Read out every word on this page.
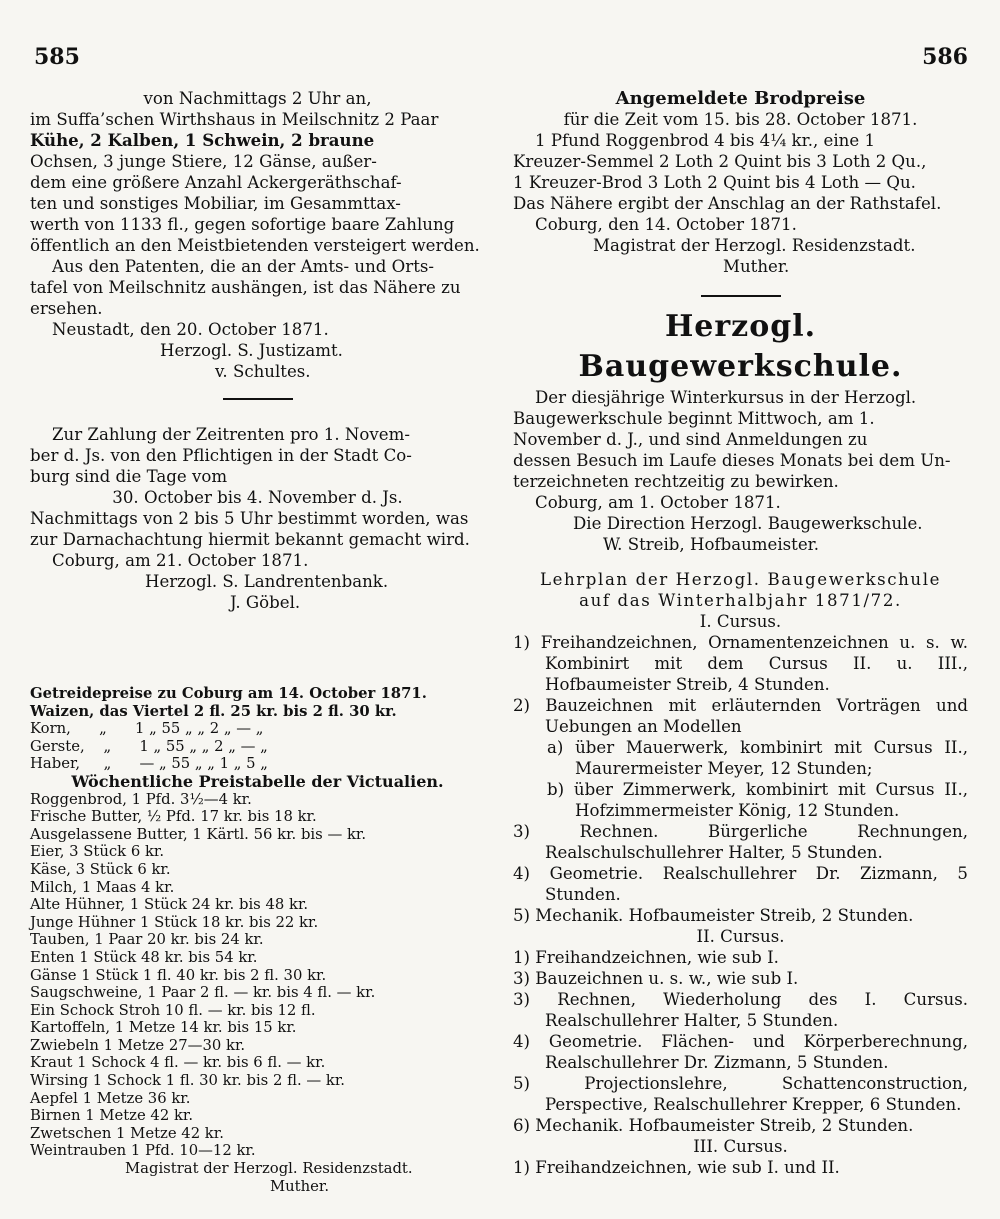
585	586

von Nachmittags 2 Uhr an,

im Suffa’schen Wirthshaus in Meilschnitz 2 Paar

Kühe, 2 Kalben, 1 Schwein, 2 braune

Ochsen, 3 junge Stiere, 12 Gänse, außer-

dem eine größere Anzahl Ackergeräthschaf-

ten und sonstiges Mobiliar, im Gesammttax-

werth von 1133 fl., gegen sofortige baare Zahlung

öffentlich an den Meistbietenden versteigert werden.

Aus den Patenten, die an der Amts- und Orts-

tafel von Meilschnitz aushängen, ist das Nähere zu

ersehen.

Neustadt, den 20. October 1871.

Herzogl. S. Justizamt.

v. Schultes.

Zur Zahlung der Zeitrenten pro 1. Novem-

ber d. Js. von den Pflichtigen in der Stadt Co-

burg sind die Tage vom

30. October bis 4. November d. Js.

Nachmittags von 2 bis 5 Uhr bestimmt worden, was

zur Darnachachtung hiermit bekannt gemacht wird.

Coburg, am 21. October 1871.

Herzogl. S. Landrentenbank.

J. Göbel.

Getreidepreise zu Coburg am 14. October 1871.

Waizen, das Viertel 2 fl. 25 kr. bis 2 fl. 30 kr.

Korn,      „      1 „ 55 „ „ 2 „ — „

Gerste,    „      1 „ 55 „ „ 2 „ — „

Haber,     „      — „ 55 „ „ 1 „ 5 „

Wöchentliche Preistabelle der Victualien.

Roggenbrod, 1 Pfd. 3½—4 kr.

Frische Butter, ½ Pfd. 17 kr. bis 18 kr.

Ausgelassene Butter, 1 Kärtl. 56 kr. bis — kr.

Eier, 3 Stück 6 kr.

Käse, 3 Stück 6 kr.

Milch, 1 Maas 4 kr.

Alte Hühner, 1 Stück 24 kr. bis 48 kr.

Junge Hühner 1 Stück 18 kr. bis 22 kr.

Tauben, 1 Paar 20 kr. bis 24 kr.

Enten 1 Stück 48 kr. bis 54 kr.

Gänse 1 Stück 1 fl. 40 kr. bis 2 fl. 30 kr.

Saugschweine, 1 Paar 2 fl. — kr. bis 4 fl. — kr.

Ein Schock Stroh 10 fl. — kr. bis 12 fl.

Kartoffeln, 1 Metze 14 kr. bis 15 kr.

Zwiebeln 1 Metze 27—30 kr.

Kraut 1 Schock 4 fl. — kr. bis 6 fl. — kr.

Wirsing 1 Schock 1 fl. 30 kr. bis 2 fl. — kr.

Aepfel 1 Metze 36 kr.

Birnen 1 Metze 42 kr.

Zwetschen 1 Metze 42 kr.

Weintrauben 1 Pfd. 10—12 kr.

Magistrat der Herzogl. Residenzstadt.

Muther.

Angemeldete Brodpreise

für die Zeit vom 15. bis 28. October 1871.

1 Pfund Roggenbrod 4 bis 4¼ kr., eine 1

Kreuzer-Semmel 2 Loth 2 Quint bis 3 Loth 2 Qu.,

1 Kreuzer-Brod 3 Loth 2 Quint bis 4 Loth — Qu.

Das Nähere ergibt der Anschlag an der Rathstafel.

Coburg, den 14. October 1871.

Magistrat der Herzogl. Residenzstadt.

Muther.

Herzogl. Baugewerkschule.

Der diesjährige Winterkursus in der Herzogl.

Baugewerkschule beginnt Mittwoch, am 1.

November d. J., und sind Anmeldungen zu

dessen Besuch im Laufe dieses Monats bei dem Un-

terzeichneten rechtzeitig zu bewirken.

Coburg, am 1. October 1871.

Die Direction Herzogl. Baugewerkschule.

W. Streib, Hofbaumeister.

Lehrplan der Herzogl. Baugewerkschule

auf das Winterhalbjahr 1871/72.

I. Cursus.

1) Freihandzeichnen, Ornamentenzeichnen u. s. w. Kombinirt mit dem Cursus II. u. III., Hofbaumeister Streib, 4 Stunden.

2) Bauzeichnen mit erläuternden Vorträgen und Uebungen an Modellen

a) über Mauerwerk, kombinirt mit Cursus II., Maurermeister Meyer, 12 Stunden;

b) über Zimmerwerk, kombinirt mit Cursus II., Hofzimmermeister König, 12 Stunden.

3) Rechnen. Bürgerliche Rechnungen, Realschulschullehrer Halter, 5 Stunden.

4) Geometrie. Realschullehrer Dr. Zizmann, 5 Stunden.

5) Mechanik. Hofbaumeister Streib, 2 Stunden.

II. Cursus.

1) Freihandzeichnen, wie sub I.

3) Bauzeichnen u. s. w., wie sub I.

3) Rechnen, Wiederholung des I. Cursus. Realschullehrer Halter, 5 Stunden.

4) Geometrie. Flächen- und Körperberechnung, Realschullehrer Dr. Zizmann, 5 Stunden.

5) Projectionslehre, Schattenconstruction, Perspective, Realschullehrer Krepper, 6 Stunden.

6) Mechanik. Hofbaumeister Streib, 2 Stunden.

III. Cursus.

1) Freihandzeichnen, wie sub I. und II.
